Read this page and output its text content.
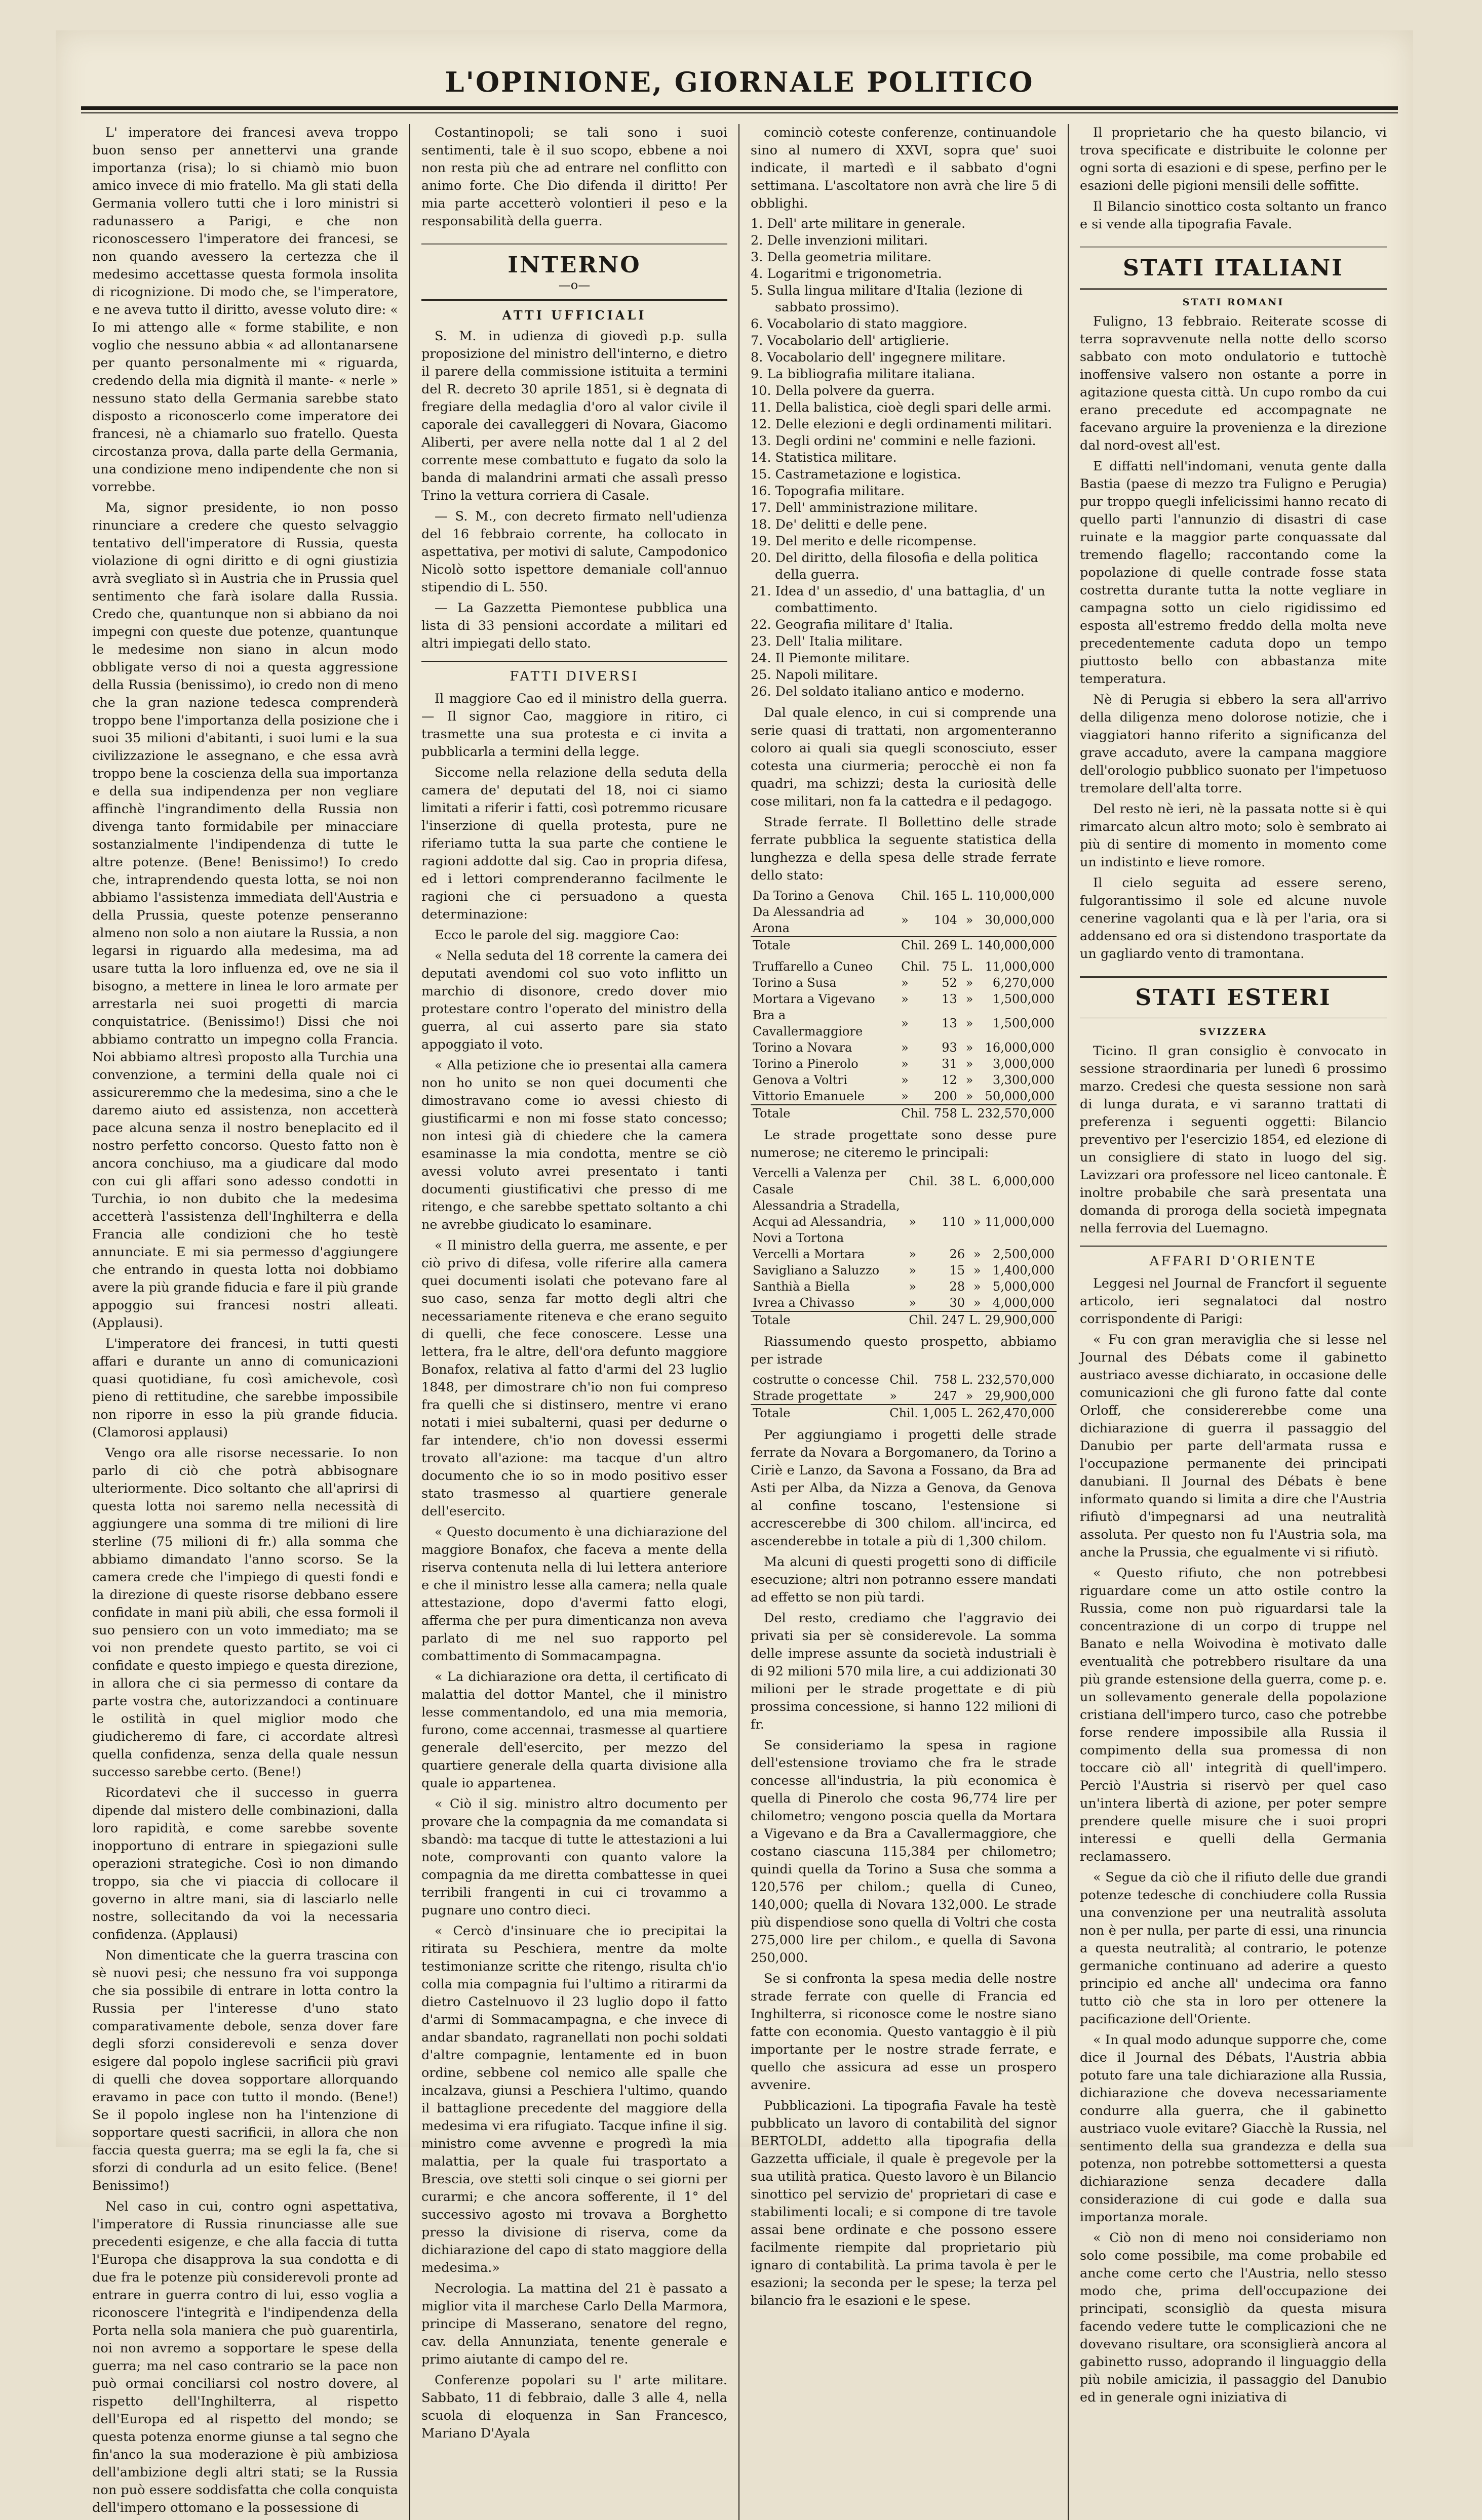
L'OPINIONE, GIORNALE POLITICO

L' imperatore dei francesi aveva troppo buon senso per annettervi una grande importanza (risa); lo si chiamò mio buon amico invece di mio fratello. Ma gli stati della Germania vollero tutti che i loro ministri si radunassero a Parigi, e che non riconoscessero l'imperatore dei francesi, se non quando avessero la certezza che il medesimo accettasse questa formola insolita di ricognizione. Di modo che, se l'imperatore, e ne aveva tutto il diritto, avesse voluto dire: « Io mi attengo alle « forme stabilite, e non voglio che nessuno abbia « ad allontanarsene per quanto personalmente mi « riguarda, credendo della mia dignità il mante- « nerle » nessuno stato della Germania sarebbe stato disposto a riconoscerlo come imperatore dei francesi, nè a chiamarlo suo fratello. Questa circostanza prova, dalla parte della Germania, una condizione meno indipendente che non si vorrebbe.

Ma, signor presidente, io non posso rinunciare a credere che questo selvaggio tentativo dell'imperatore di Russia, questa violazione di ogni diritto e di ogni giustizia avrà svegliato sì in Austria che in Prussia quel sentimento che farà isolare dalla Russia. Credo che, quantunque non si abbiano da noi impegni con queste due potenze, quantunque le medesime non siano in alcun modo obbligate verso di noi a questa aggressione della Russia (benissimo), io credo non di meno che la gran nazione tedesca comprenderà troppo bene l'importanza della posizione che i suoi 35 milioni d'abitanti, i suoi lumi e la sua civilizzazione le assegnano, e che essa avrà troppo bene la coscienza della sua importanza e della sua indipendenza per non vegliare affinchè l'ingrandimento della Russia non divenga tanto formidabile per minacciare sostanzialmente l'indipendenza di tutte le altre potenze. (Bene! Benissimo!) Io credo che, intraprendendo questa lotta, se noi non abbiamo l'assistenza immediata dell'Austria e della Prussia, queste potenze penseranno almeno non solo a non aiutare la Russia, a non legarsi in riguardo alla medesima, ma ad usare tutta la loro influenza ed, ove ne sia il bisogno, a mettere in linea le loro armate per arrestarla nei suoi progetti di marcia conquistatrice. (Benissimo!) Dissi che noi abbiamo contratto un impegno colla Francia. Noi abbiamo altresì proposto alla Turchia una convenzione, a termini della quale noi ci assicureremmo che la medesima, sino a che le daremo aiuto ed assistenza, non accetterà pace alcuna senza il nostro beneplacito ed il nostro perfetto concorso. Questo fatto non è ancora conchiuso, ma a giudicare dal modo con cui gli affari sono adesso condotti in Turchia, io non dubito che la medesima accetterà l'assistenza dell'Inghilterra e della Francia alle condizioni che ho testè annunciate. E mi sia permesso d'aggiungere che entrando in questa lotta noi dobbiamo avere la più grande fiducia e fare il più grande appoggio sui francesi nostri alleati. (Applausi).

L'imperatore dei francesi, in tutti questi affari e durante un anno di comunicazioni quasi quotidiane, fu così amichevole, così pieno di rettitudine, che sarebbe impossibile non riporre in esso la più grande fiducia. (Clamorosi applausi)

Vengo ora alle risorse necessarie. Io non parlo di ciò che potrà abbisognare ulteriormente. Dico soltanto che all'aprirsi di questa lotta noi saremo nella necessità di aggiungere una somma di tre milioni di lire sterline (75 milioni di fr.) alla somma che abbiamo dimandato l'anno scorso. Se la camera crede che l'impiego di questi fondi e la direzione di queste risorse debbano essere confidate in mani più abili, che essa formoli il suo pensiero con un voto immediato; ma se voi non prendete questo partito, se voi ci confidate e questo impiego e questa direzione, in allora che ci sia permesso di contare da parte vostra che, autorizzandoci a continuare le ostilità in quel miglior modo che giudicheremo di fare, ci accordate altresì quella confidenza, senza della quale nessun successo sarebbe certo. (Bene!)

Ricordatevi che il successo in guerra dipende dal mistero delle combinazioni, dalla loro rapidità, e come sarebbe sovente inopportuno di entrare in spiegazioni sulle operazioni strategiche. Così io non dimando troppo, sia che vi piaccia di collocare il governo in altre mani, sia di lasciarlo nelle nostre, sollecitando da voi la necessaria confidenza. (Applausi)

Non dimenticate che la guerra trascina con sè nuovi pesi; che nessuno fra voi supponga che sia possibile di entrare in lotta contro la Russia per l'interesse d'uno stato comparativamente debole, senza dover fare degli sforzi considerevoli e senza dover esigere dal popolo inglese sacrificii più gravi di quelli che dovea sopportare allorquando eravamo in pace con tutto il mondo. (Bene!) Se il popolo inglese non ha l'intenzione di sopportare questi sacrificii, in allora che non faccia questa guerra; ma se egli la fa, che si sforzi di condurla ad un esito felice. (Bene! Benissimo!)

Nel caso in cui, contro ogni aspettativa, l'imperatore di Russia rinunciasse alle sue precedenti esigenze, e che alla faccia di tutta l'Europa che disapprova la sua condotta e di due fra le potenze più considerevoli pronte ad entrare in guerra contro di lui, esso voglia a riconoscere l'integrità e l'indipendenza della Porta nella sola maniera che può guarentirla, noi non avremo a sopportare le spese della guerra; ma nel caso contrario se la pace non può ormai conciliarsi col nostro dovere, al rispetto dell'Inghilterra, al rispetto dell'Europa ed al rispetto del mondo; se questa potenza enorme giunse a tal segno che fin'anco la sua moderazione è più ambiziosa dell'ambizione degli altri stati; se la Russia non può essere soddisfatta che colla conquista dell'impero ottomano e la possessione di

Costantinopoli; se tali sono i suoi sentimenti, tale è il suo scopo, ebbene a noi non resta più che ad entrare nel conflitto con animo forte. Che Dio difenda il diritto! Per mia parte accetterò volontieri il peso e la responsabilità della guerra.

INTERNO
—o—
ATTI UFFICIALI

S. M. in udienza di giovedì p.p. sulla proposizione del ministro dell'interno, e dietro il parere della commissione istituita a termini del R. decreto 30 aprile 1851, si è degnata di fregiare della medaglia d'oro al valor civile il caporale dei cavalleggeri di Novara, Giacomo Aliberti, per avere nella notte dal 1 al 2 del corrente mese combattuto e fugato da solo la banda di malandrini armati che assalì presso Trino la vettura corriera di Casale.

— S. M., con decreto firmato nell'udienza del 16 febbraio corrente, ha collocato in aspettativa, per motivi di salute, Campodonico Nicolò sotto ispettore demaniale coll'annuo stipendio di L. 550.

— La Gazzetta Piemontese pubblica una lista di 33 pensioni accordate a militari ed altri impiegati dello stato.

FATTI DIVERSI

Il maggiore Cao ed il ministro della guerra. — Il signor Cao, maggiore in ritiro, ci trasmette una sua protesta e ci invita a pubblicarla a termini della legge.

Siccome nella relazione della seduta della camera de' deputati del 18, noi ci siamo limitati a riferir i fatti, così potremmo ricusare l'inserzione di quella protesta, pure ne riferiamo tutta la sua parte che contiene le ragioni addotte dal sig. Cao in propria difesa, ed i lettori comprenderanno facilmente le ragioni che ci persuadono a questa determinazione:

Ecco le parole del sig. maggiore Cao:

« Nella seduta del 18 corrente la camera dei deputati avendomi col suo voto inflitto un marchio di disonore, credo dover mio protestare contro l'operato del ministro della guerra, al cui asserto pare sia stato appoggiato il voto.

« Alla petizione che io presentai alla camera non ho unito se non quei documenti che dimostravano come io avessi chiesto di giustificarmi e non mi fosse stato concesso; non intesi già di chiedere che la camera esaminasse la mia condotta, mentre se ciò avessi voluto avrei presentato i tanti documenti giustificativi che presso di me ritengo, e che sarebbe spettato soltanto a chi ne avrebbe giudicato lo esaminare.

« Il ministro della guerra, me assente, e per ciò privo di difesa, volle riferire alla camera quei documenti isolati che potevano fare al suo caso, senza far motto degli altri che necessariamente riteneva e che erano seguito di quelli, che fece conoscere. Lesse una lettera, fra le altre, dell'ora defunto maggiore Bonafox, relativa al fatto d'armi del 23 luglio 1848, per dimostrare ch'io non fui compreso fra quelli che si distinsero, mentre vi erano notati i miei subalterni, quasi per dedurne o far intendere, ch'io non dovessi essermi trovato all'azione: ma tacque d'un altro documento che io so in modo positivo esser stato trasmesso al quartiere generale dell'esercito.

« Questo documento è una dichiarazione del maggiore Bonafox, che faceva a mente della riserva contenuta nella di lui lettera anteriore e che il ministro lesse alla camera; nella quale attestazione, dopo d'avermi fatto elogi, afferma che per pura dimenticanza non aveva parlato di me nel suo rapporto pel combattimento di Sommacampagna.

« La dichiarazione ora detta, il certificato di malattia del dottor Mantel, che il ministro lesse commentandolo, ed una mia memoria, furono, come accennai, trasmesse al quartiere generale dell'esercito, per mezzo del quartiere generale della quarta divisione alla quale io appartenea.

« Ciò il sig. ministro altro documento per provare che la compagnia da me comandata si sbandò: ma tacque di tutte le attestazioni a lui note, comprovanti con quanto valore la compagnia da me diretta combattesse in quei terribili frangenti in cui ci trovammo a pugnare uno contro dieci.

« Cercò d'insinuare che io precipitai la ritirata su Peschiera, mentre da molte testimonianze scritte che ritengo, risulta ch'io colla mia compagnia fui l'ultimo a ritirarmi da dietro Castelnuovo il 23 luglio dopo il fatto d'armi di Sommacampagna, e che invece di andar sbandato, ragranellati non pochi soldati d'altre compagnie, lentamente ed in buon ordine, sebbene col nemico alle spalle che incalzava, giunsi a Peschiera l'ultimo, quando il battaglione precedente del maggiore della medesima vi era rifugiato. Tacque infine il sig. ministro come avvenne e progredì la mia malattia, per la quale fui trasportato a Brescia, ove stetti soli cinque o sei giorni per curarmi; e che ancora sofferente, il 1° del successivo agosto mi trovava a Borghetto presso la divisione di riserva, come da dichiarazione del capo di stato maggiore della medesima.»

Necrologia. La mattina del 21 è passato a miglior vita il marchese Carlo Della Marmora, principe di Masserano, senatore del regno, cav. della Annunziata, tenente generale e primo aiutante di campo del re.

Conferenze popolari su l' arte militare. Sabbato, 11 di febbraio, dalle 3 alle 4, nella scuola di eloquenza in San Francesco, Mariano D'Ayala

cominciò coteste conferenze, continuandole sino al numero di XXVI, sopra que' suoi indicate, il martedì e il sabbato d'ogni settimana. L'ascoltatore non avrà che lire 5 di obblighi.

1. Dell' arte militare in generale.
2. Delle invenzioni militari.
3. Della geometria militare.
4. Logaritmi e trigonometria.
5. Sulla lingua militare d'Italia (lezione di sabbato prossimo).
6. Vocabolario di stato maggiore.
7. Vocabolario dell' artiglierie.
8. Vocabolario dell' ingegnere militare.
9. La bibliografia militare italiana.
10. Della polvere da guerra.
11. Della balistica, cioè degli spari delle armi.
12. Delle elezioni e degli ordinamenti militari.
13. Degli ordini ne' commini e nelle fazioni.
14. Statistica militare.
15. Castrametazione e logistica.
16. Topografia militare.
17. Dell' amministrazione militare.
18. De' delitti e delle pene.
19. Del merito e delle ricompense.
20. Del diritto, della filosofia e della politica della guerra.
21. Idea d' un assedio, d' una battaglia, d' un combattimento.
22. Geografia militare d' Italia.
23. Dell' Italia militare.
24. Il Piemonte militare.
25. Napoli militare.
26. Del soldato italiano antico e moderno.

Dal quale elenco, in cui si comprende una serie quasi di trattati, non argomenteranno coloro ai quali sia quegli sconosciuto, esser cotesta una ciurmeria; perocchè ei non fa quadri, ma schizzi; desta la curiosità delle cose militari, non fa la cattedra e il pedagogo.

Strade ferrate. Il Bollettino delle strade ferrate pubblica la seguente statistica della lunghezza e della spesa delle strade ferrate dello stato:

Da Torino a Genova	Chil.	165	L.	110,000,000
Da Alessandria ad Arona	»	104	»	30,000,000
Totale	Chil.	269	L.	140,000,000
Truffarello a Cuneo	Chil.	75	L.	11,000,000
Torino a Susa	»	52	»	6,270,000
Mortara a Vigevano	»	13	»	1,500,000
Bra a Cavallermaggiore	»	13	»	1,500,000
Torino a Novara	»	93	»	16,000,000
Torino a Pinerolo	»	31	»	3,000,000
Genova a Voltri	»	12	»	3,300,000
Vittorio Emanuele	»	200	»	50,000,000
Totale	Chil.	758	L.	232,570,000

Le strade progettate sono desse pure numerose; ne citeremo le principali:

Vercelli a Valenza per Casale	Chil.	38	L.	6,000,000
Alessandria a Stradella, Acqui ad Alessandria, Novi a Tortona	»	110	»	11,000,000
Vercelli a Mortara	»	26	»	2,500,000
Savigliano a Saluzzo	»	15	»	1,400,000
Santhià a Biella	»	28	»	5,000,000
Ivrea a Chivasso	»	30	»	4,000,000
Totale	Chil.	247	L.	29,900,000

Riassumendo questo prospetto, abbiamo per istrade

costrutte o concesse	Chil.	758	L.	232,570,000
Strade progettate	»	247	»	29,900,000
Totale	Chil.	1,005	L.	262,470,000

Per aggiungiamo i progetti delle strade ferrate da Novara a Borgomanero, da Torino a Ciriè e Lanzo, da Savona a Fossano, da Bra ad Asti per Alba, da Nizza a Genova, da Genova al confine toscano, l'estensione si accrescerebbe di 300 chilom. all'incirca, ed ascenderebbe in totale a più di 1,300 chilom.

Ma alcuni di questi progetti sono di difficile esecuzione; altri non potranno essere mandati ad effetto se non più tardi.

Del resto, crediamo che l'aggravio dei privati sia per sè considerevole. La somma delle imprese assunte da società industriali è di 92 milioni 570 mila lire, a cui addizionati 30 milioni per le strade progettate e di più prossima concessione, si hanno 122 milioni di fr.

Se consideriamo la spesa in ragione dell'estensione troviamo che fra le strade concesse all'industria, la più economica è quella di Pinerolo che costa 96,774 lire per chilometro; vengono poscia quella da Mortara a Vigevano e da Bra a Cavallermaggiore, che costano ciascuna 115,384 per chilometro; quindi quella da Torino a Susa che somma a 120,576 per chilom.; quella di Cuneo, 140,000; quella di Novara 132,000. Le strade più dispendiose sono quella di Voltri che costa 275,000 lire per chilom., e quella di Savona 250,000.

Se si confronta la spesa media delle nostre strade ferrate con quelle di Francia ed Inghilterra, si riconosce come le nostre siano fatte con economia. Questo vantaggio è il più importante per le nostre strade ferrate, e quello che assicura ad esse un prospero avvenire.

Pubblicazioni. La tipografia Favale ha testè pubblicato un lavoro di contabilità del signor BERTOLDI, addetto alla tipografia della Gazzetta ufficiale, il quale è pregevole per la sua utilità pratica. Questo lavoro è un Bilancio sinottico pel servizio de' proprietari di case e stabilimenti locali; e si compone di tre tavole assai bene ordinate e che possono essere facilmente riempite dal proprietario più ignaro di contabilità. La prima tavola è per le esazioni; la seconda per le spese; la terza pel bilancio fra le esazioni e le spese.

Il proprietario che ha questo bilancio, vi trova specificate e distribuite le colonne per ogni sorta di esazioni e di spese, perfino per le esazioni delle pigioni mensili delle soffitte.

Il Bilancio sinottico costa soltanto un franco e si vende alla tipografia Favale.

STATI ITALIANI
STATI ROMANI

Fuligno, 13 febbraio. Reiterate scosse di terra sopravvenute nella notte dello scorso sabbato con moto ondulatorio e tuttochè inoffensive valsero non ostante a porre in agitazione questa città. Un cupo rombo da cui erano precedute ed accompagnate ne facevano arguire la provenienza e la direzione dal nord-ovest all'est.

E diffatti nell'indomani, venuta gente dalla Bastia (paese di mezzo tra Fuligno e Perugia) pur troppo quegli infelicissimi hanno recato di quello parti l'annunzio di disastri di case ruinate e la maggior parte conquassate dal tremendo flagello; raccontando come la popolazione di quelle contrade fosse stata costretta durante tutta la notte vegliare in campagna sotto un cielo rigidissimo ed esposta all'estremo freddo della molta neve precedentemente caduta dopo un tempo piuttosto bello con abbastanza mite temperatura.

Nè di Perugia si ebbero la sera all'arrivo della diligenza meno dolorose notizie, che i viaggiatori hanno riferito a significanza del grave accaduto, avere la campana maggiore dell'orologio pubblico suonato per l'impetuoso tremolare dell'alta torre.

Del resto nè ieri, nè la passata notte si è qui rimarcato alcun altro moto; solo è sembrato ai più di sentire di momento in momento come un indistinto e lieve romore.

Il cielo seguita ad essere sereno, fulgorantissimo il sole ed alcune nuvole cenerine vagolanti qua e là per l'aria, ora si addensano ed ora si distendono trasportate da un gagliardo vento di tramontana.

STATI ESTERI
SVIZZERA

Ticino. Il gran consiglio è convocato in sessione straordinaria per lunedì 6 prossimo marzo. Credesi che questa sessione non sarà di lunga durata, e vi saranno trattati di preferenza i seguenti oggetti: Bilancio preventivo per l'esercizio 1854, ed elezione di un consigliere di stato in luogo del sig. Lavizzari ora professore nel liceo cantonale. È inoltre probabile che sarà presentata una domanda di proroga della società impegnata nella ferrovia del Luemagno.

AFFARI D'ORIENTE

Leggesi nel Journal de Francfort il seguente articolo, ieri segnalatoci dal nostro corrispondente di Parigi:

« Fu con gran meraviglia che si lesse nel Journal des Débats come il gabinetto austriaco avesse dichiarato, in occasione delle comunicazioni che gli furono fatte dal conte Orloff, che considererebbe come una dichiarazione di guerra il passaggio del Danubio per parte dell'armata russa e l'occupazione permanente dei principati danubiani. Il Journal des Débats è bene informato quando si limita a dire che l'Austria rifiutò d'impegnarsi ad una neutralità assoluta. Per questo non fu l'Austria sola, ma anche la Prussia, che egualmente vi si rifiutò.

« Questo rifiuto, che non potrebbesi riguardare come un atto ostile contro la Russia, come non può riguardarsi tale la concentrazione di un corpo di truppe nel Banato e nella Woivodina è motivato dalle eventualità che potrebbero risultare da una più grande estensione della guerra, come p. e. un sollevamento generale della popolazione cristiana dell'impero turco, caso che potrebbe forse rendere impossibile alla Russia il compimento della sua promessa di non toccare ciò all' integrità di quell'impero. Perciò l'Austria si riservò per quel caso un'intera libertà di azione, per poter sempre prendere quelle misure che i suoi propri interessi e quelli della Germania reclamassero.

« Segue da ciò che il rifiuto delle due grandi potenze tedesche di conchiudere colla Russia una convenzione per una neutralità assoluta non è per nulla, per parte di essi, una rinuncia a questa neutralità; al contrario, le potenze germaniche continuano ad aderire a questo principio ed anche all' undecima ora fanno tutto ciò che sta in loro per ottenere la pacificazione dell'Oriente.

« In qual modo adunque supporre che, come dice il Journal des Débats, l'Austria abbia potuto fare una tale dichiarazione alla Russia, dichiarazione che doveva necessariamente condurre alla guerra, che il gabinetto austriaco vuole evitare? Giacchè la Russia, nel sentimento della sua grandezza e della sua potenza, non potrebbe sottomettersi a questa dichiarazione senza decadere dalla considerazione di cui gode e dalla sua importanza morale.

« Ciò non di meno noi consideriamo non solo come possibile, ma come probabile ed anche come certo che l'Austria, nello stesso modo che, prima dell'occupazione dei principati, sconsigliò da questa misura facendo vedere tutte le complicazioni che ne dovevano risultare, ora sconsiglierà ancora al gabinetto russo, adoprando il linguaggio della più nobile amicizia, il passaggio del Danubio ed in generale ogni iniziativa di
